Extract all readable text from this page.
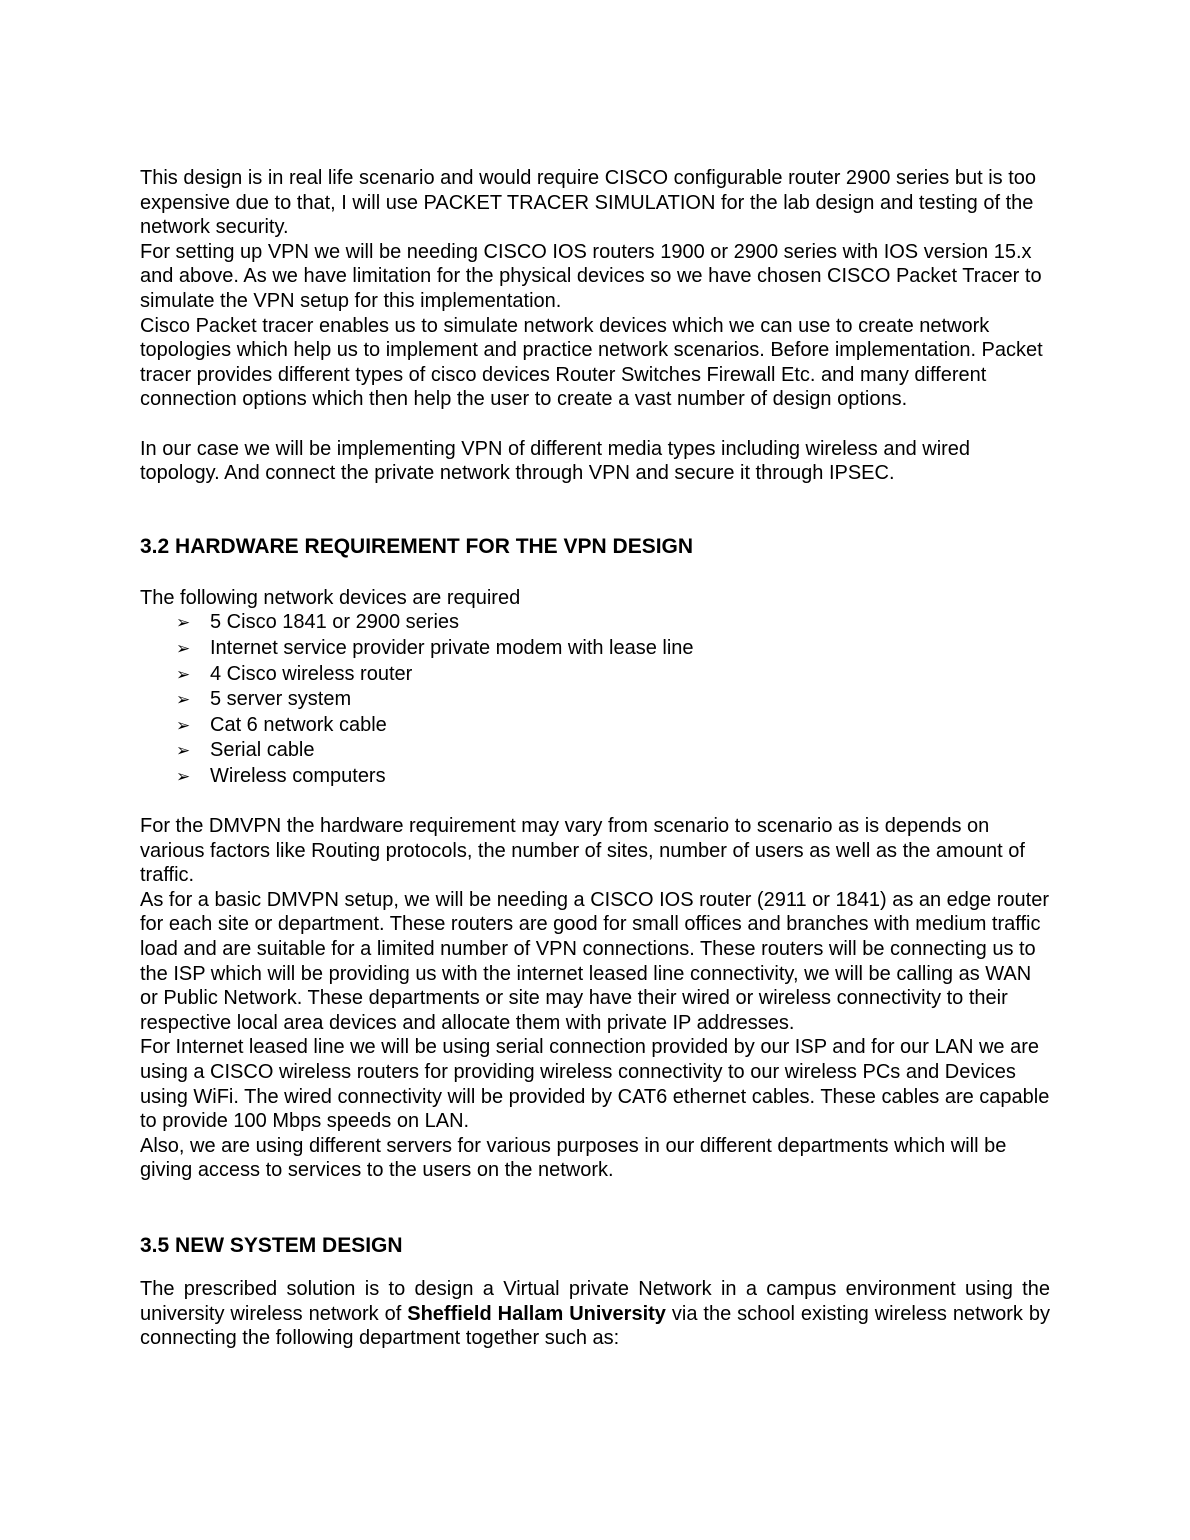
This design is in real life scenario and would require CISCO configurable router 2900 series but is too expensive due to that, I will use PACKET TRACER SIMULATION for the lab design and testing of the network security.

For setting up VPN we will be needing CISCO IOS routers 1900 or 2900 series with IOS version 15.x and above. As we have limitation for the physical devices so we have chosen CISCO Packet Tracer to simulate the VPN setup for this implementation.

Cisco Packet tracer enables us to simulate network devices which we can use to create network topologies which help us to implement and practice network scenarios. Before implementation. Packet tracer provides different types of cisco devices Router Switches Firewall Etc. and many different connection options which then help the user to create a vast number of design options.

In our case we will be implementing VPN of different media types including wireless and wired topology. And connect the private network through VPN and secure it through IPSEC.

3.2 HARDWARE REQUIREMENT FOR THE VPN DESIGN

The following network devices are required

➢ 5 Cisco 1841 or 2900 series
➢ Internet service provider private modem with lease line
➢ 4 Cisco wireless router
➢ 5 server system
➢ Cat 6 network cable
➢ Serial cable
➢ Wireless computers

For the DMVPN the hardware requirement may vary from scenario to scenario as is depends on various factors like Routing protocols, the number of sites, number of users as well as the amount of traffic.

As for a basic DMVPN setup, we will be needing a CISCO IOS router (2911 or 1841) as an edge router for each site or department. These routers are good for small offices and branches with medium traffic load and are suitable for a limited number of VPN connections. These routers will be connecting us to the ISP which will be providing us with the internet leased line connectivity, we will be calling as WAN or Public Network. These departments or site may have their wired or wireless connectivity to their respective local area devices and allocate them with private IP addresses.

For Internet leased line we will be using serial connection provided by our ISP and for our LAN we are using a CISCO wireless routers for providing wireless connectivity to our wireless PCs and Devices using WiFi. The wired connectivity will be provided by CAT6 ethernet cables. These cables are capable to provide 100 Mbps speeds on LAN.

Also, we are using different servers for various purposes in our different departments which will be giving access to services to the users on the network.

3.5 NEW SYSTEM DESIGN

The prescribed solution is to design a Virtual private Network in a campus environment using the university wireless network of Sheffield Hallam University via the school existing wireless network by connecting the following department together such as:
